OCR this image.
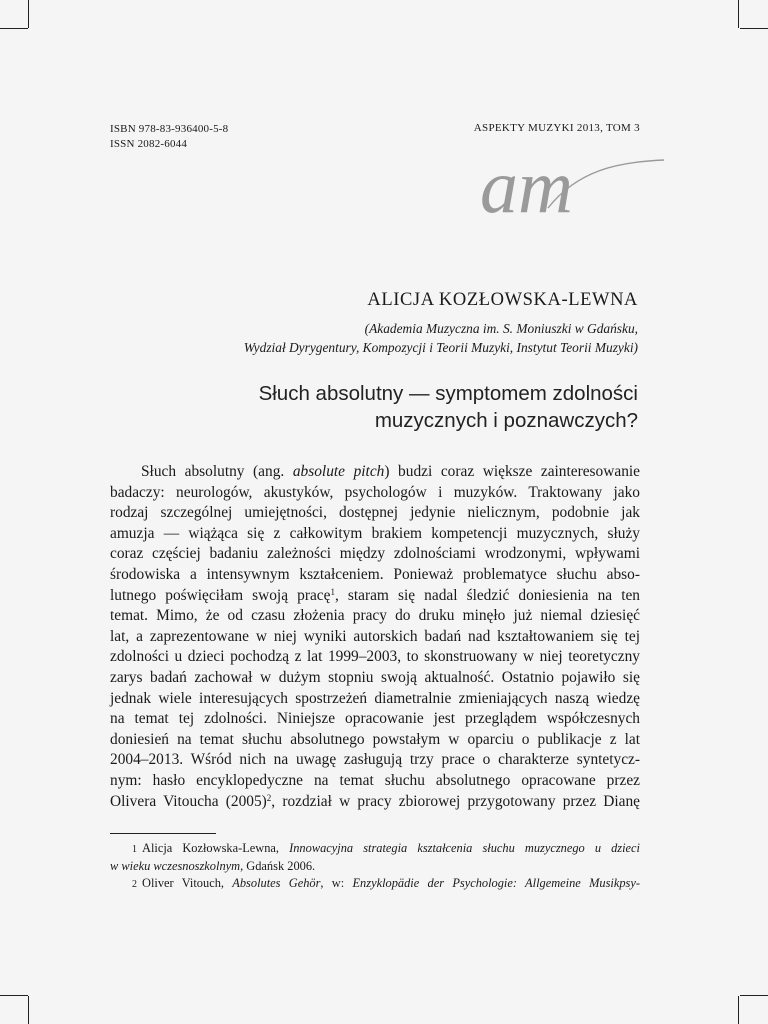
ISBN 978-83-936400-5-8
ISSN 2082-6044
ASPEKTY MUZYKI 2013, TOM 3
am
ALICJA KOZŁOWSKA-LEWNA
(Akademia Muzyczna im. S. Moniuszki w Gdańsku,
Wydział Dyrygentury, Kompozycji i Teorii Muzyki, Instytut Teorii Muzyki)
Słuch absolutny — symptomem zdolności
muzycznych i poznawczych?
Słuch absolutny (ang. absolute pitch) budzi coraz większe zainteresowanie
badaczy: neurologów, akustyków, psychologów i muzyków. Traktowany jako
rodzaj szczególnej umiejętności, dostępnej jedynie nielicznym, podobnie jak
amuzja — wiążąca się z całkowitym brakiem kompetencji muzycznych, służy
coraz częściej badaniu zależności między zdolnościami wrodzonymi, wpływami
środowiska a intensywnym kształceniem. Ponieważ problematyce słuchu abso-
lutnego poświęciłam swoją pracę$^1$, staram się nadal śledzić doniesienia na ten
temat. Mimo, że od czasu złożenia pracy do druku minęło już niemal dziesięć
lat, a zaprezentowane w niej wyniki autorskich badań nad kształtowaniem się tej
zdolności u dzieci pochodzą z lat 1999–2003, to skonstruowany w niej teoretyczny
zarys badań zachował w dużym stopniu swoją aktualność. Ostatnio pojawiło się
jednak wiele interesujących spostrzeżeń diametralnie zmieniających naszą wiedzę
na temat tej zdolności. Niniejsze opracowanie jest przeglądem współczesnych
doniesień na temat słuchu absolutnego powstałym w oparciu o publikacje z lat
2004–2013. Wśród nich na uwagę zasługują trzy prace o charakterze syntetycz-
nym: hasło encyklopedyczne na temat słuchu absolutnego opracowane przez
Olivera Vitoucha $(2005)^2$, rozdział w pracy zbiorowej przygotowany przez Dianę
1 Alicja Kozłowska-Lewna, Innowacyjna strategia kształcenia słuchu muzycznego u dzieci
w wieku wczesnoszkolnym, Gdańsk 2006.
2 Oliver Vitouch, Absolutes Gehör, w: Enzyklopädie der Psychologie: Allgemeine Musikpsy-
